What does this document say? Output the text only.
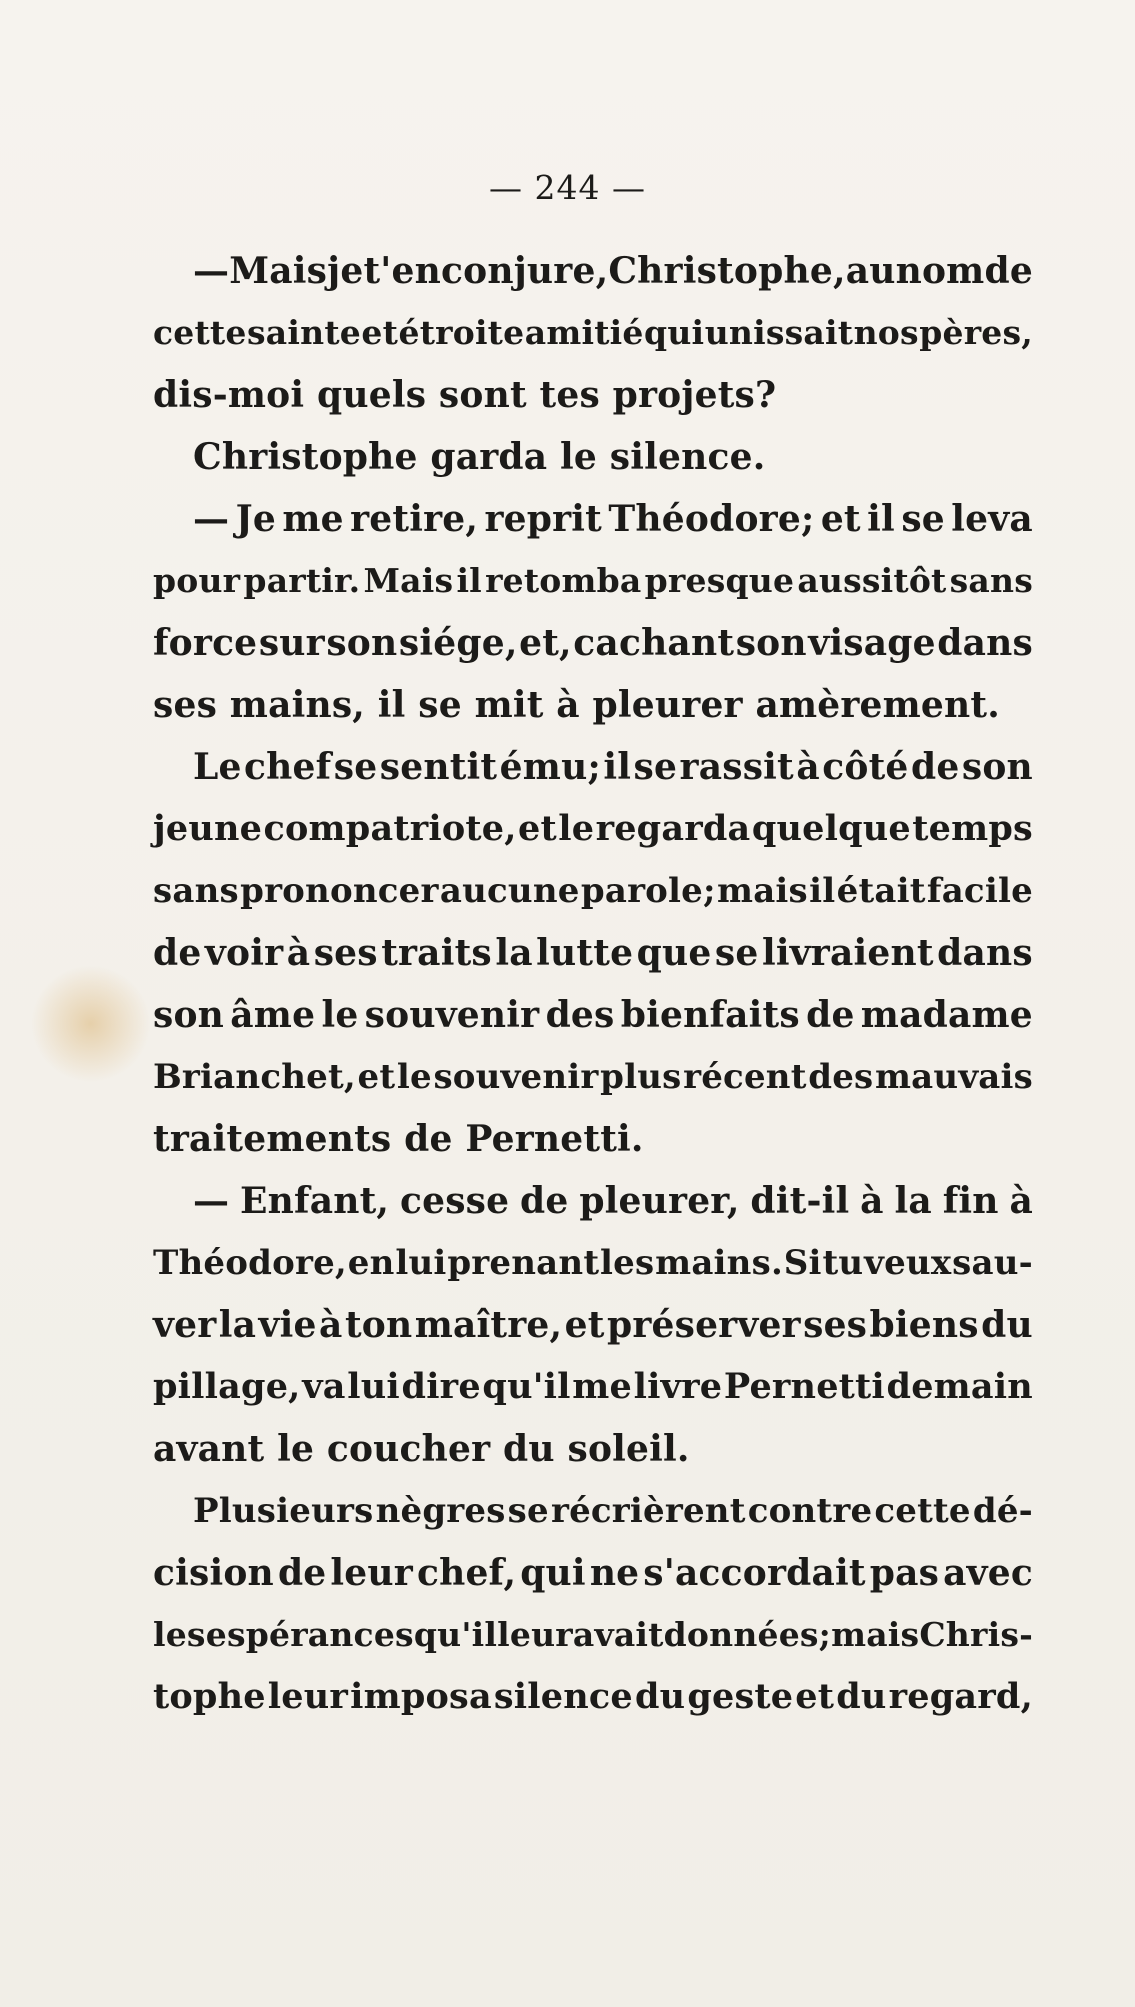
— 244 —
— Mais je t'en conjure, Christophe, au nom de
cette sainte et étroite amitié qui unissait nos pères,
dis-moi quels sont tes projets?
Christophe garda le silence.
— Je me retire, reprit Théodore; et il se leva
pour partir. Mais il retomba presque aussitôt sans
force sur son siége, et, cachant son visage dans
ses mains, il se mit à pleurer amèrement.
Le chef se sentit ému; il se rassit à côté de son
jeune compatriote, et le regarda quelque temps
sans prononcer aucune parole; mais il était facile
de voir à ses traits la lutte que se livraient dans
son âme le souvenir des bienfaits de madame
Brianchet, et le souvenir plus récent des mauvais
traitements de Pernetti.
— Enfant, cesse de pleurer, dit-il à la fin à
Théodore, en lui prenant les mains. Si tu veux sau-
ver la vie à ton maître, et préserver ses biens du
pillage, va lui dire qu'il me livre Pernetti demain
avant le coucher du soleil.
Plusieurs nègres se récrièrent contre cette dé-
cision de leur chef, qui ne s'accordait pas avec
les espérances qu'il leur avait données; mais Chris-
tophe leur imposa silence du geste et du regard,
